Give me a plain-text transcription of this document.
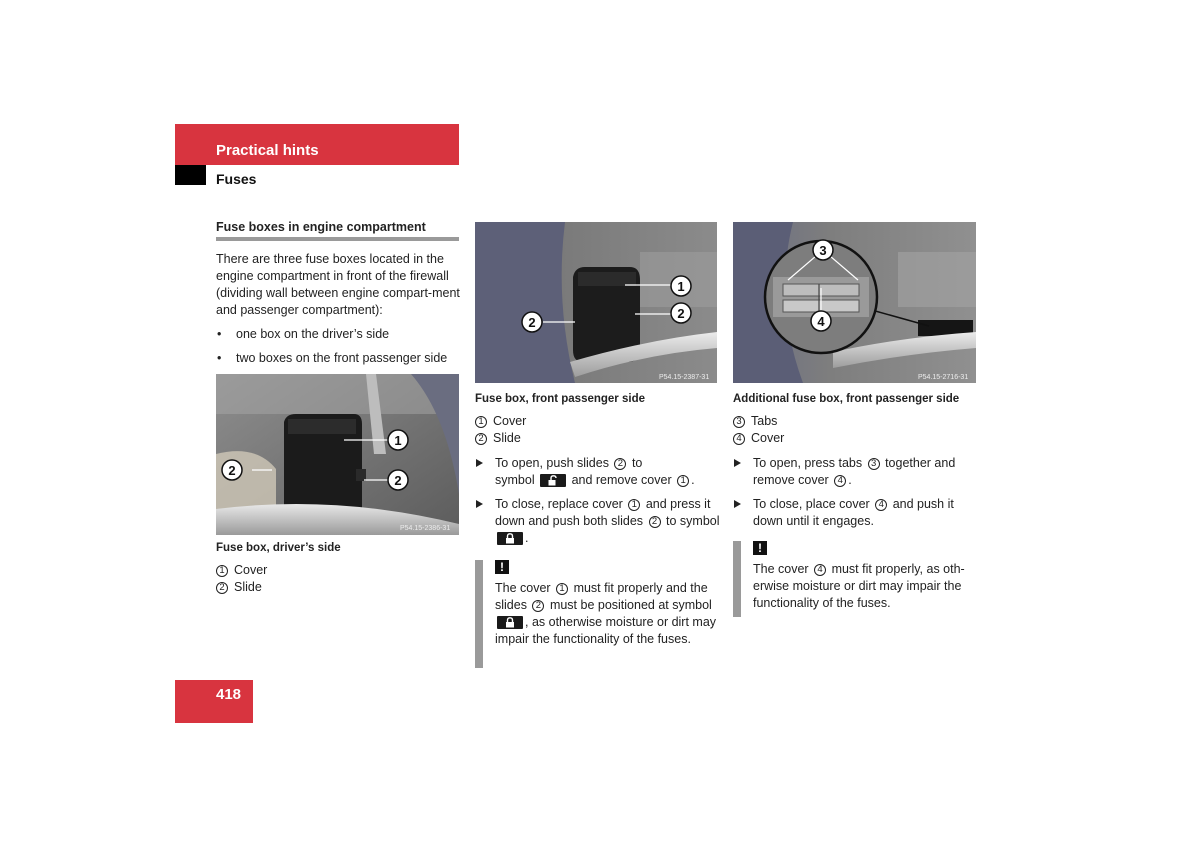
Practical hints
Fuses
Fuse boxes in engine compartment
There are three fuse boxes located in the engine compartment in front of the firewall (dividing wall between engine compart-ment and passenger compartment):
• one box on the driver’s side
• two boxes on the front passenger side
1
2
2
P54.15-2386-31
Fuse box, driver’s side
1 Cover
2 Slide
1
2
2
P54.15-2387-31
Fuse box, front passenger side
1 Cover
2 Slide
To open, push slides 2 to
symbol	and remove cover 1 .
To close, replace cover 1 and press it down and push both slides 2 to symbol
.
!
The cover 1 must fit properly and the slides 2 must be positioned at symbol
, as otherwise moisture or dirt may impair the functionality of the fuses.
3
4
P54.15-2716-31
Additional fuse box, front passenger side
3 Tabs
4 Cover
To open, press tabs 3 together and remove cover 4 .
To close, place cover 4 and push it down until it engages.
!
The cover 4 must fit properly, as oth-erwise moisture or dirt may impair the functionality of the fuses.
418
